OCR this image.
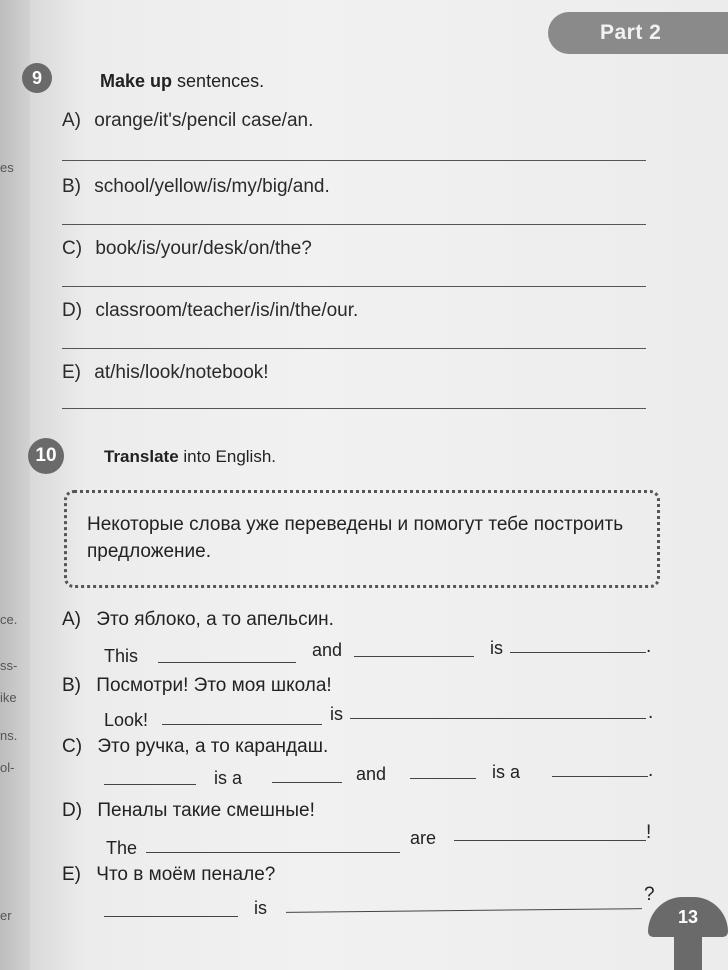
es
ce.
ss-
ike
ns.
ol-
er
Part 2
9	Make up sentences.
A) orange/it's/pencil case/an.
B) school/yellow/is/my/big/and.
C) book/is/your/desk/on/the?
D) classroom/teacher/is/in/the/our.
E) at/his/look/notebook!
10	Translate into English.
Некоторые слова уже переведены и помогут тебе построить предложение.
A) Это яблоко, а то апельсин.
This	and	is	.
B) Посмотри! Это моя школа!
Look!	is	.
C) Это ручка, а то карандаш.
is a	and	is a	.
D) Пеналы такие смешные!
The	are	!
E) Что в моём пенале?
is
?
13
